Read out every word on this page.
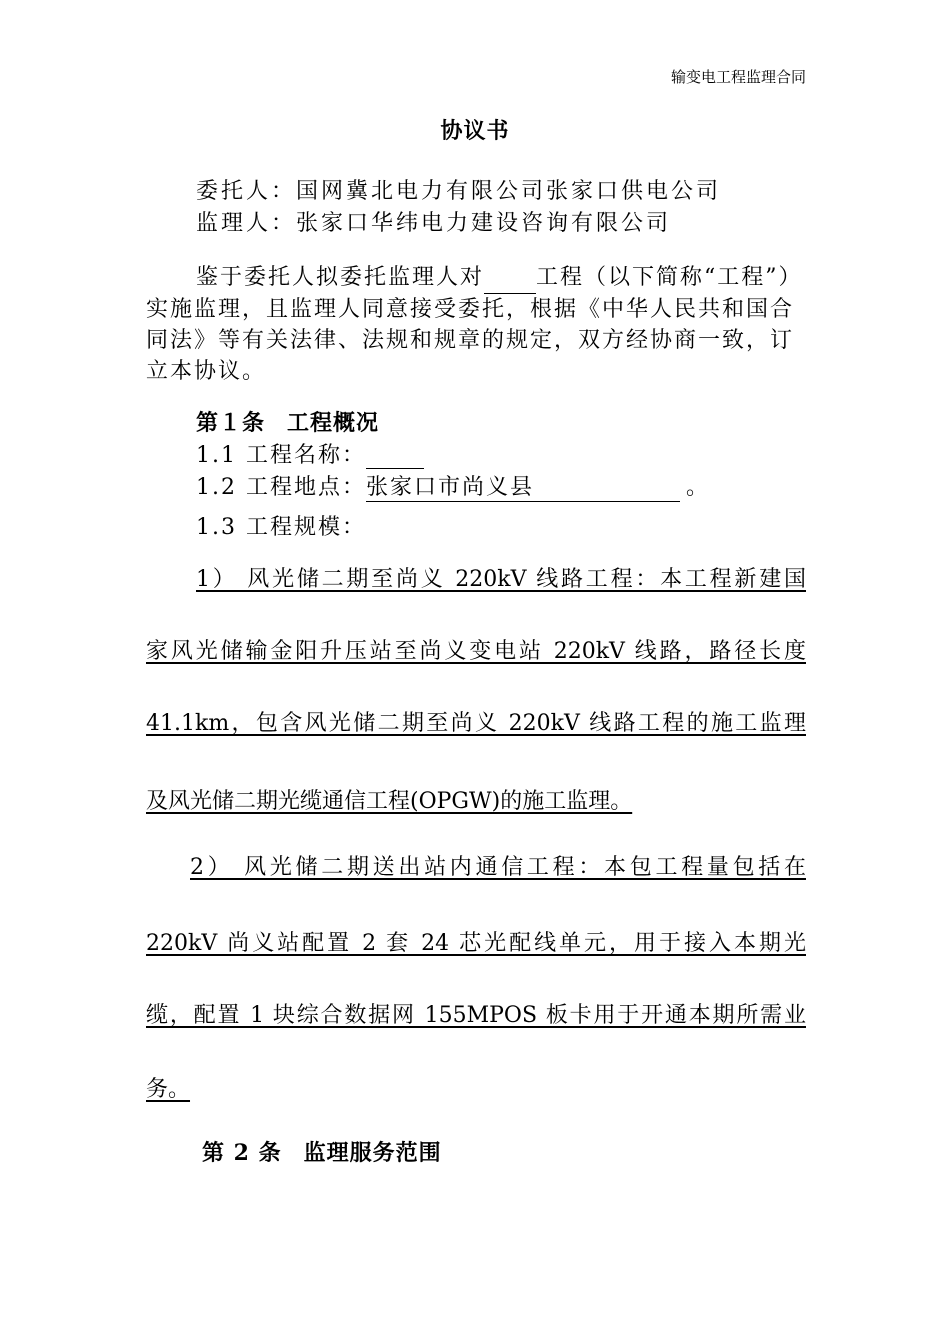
输变电工程监理合同
协议书
委托人：国网冀北电力有限公司张家口供电公司
监理人：张家口华纬电力建设咨询有限公司
鉴于委托人拟委托监理人对 工程（以下简称“工程”）实施监理，且监理人同意接受委托，根据《中华人民共和国合同法》等有关法律、法规和规章的规定，双方经协商一致，订立本协议。
第１条 工程概况
1.1 工程名称：
1.2 工程地点：张家口市尚义县	。
1.3 工程规模：
1） 风光储二期至尚义 220kV 线路工程：本工程新建国
家风光储输金阳升压站至尚义变电站 220kV 线路，路径长度
41.1km，包含风光储二期至尚义 220kV 线路工程的施工监理
及风光储二期光缆通信工程(OPGW)的施工监理。
2） 风光储二期送出站内通信工程：本包工程量包括在
220kV 尚义站配置 2 套 24 芯光配线单元，用于接入本期光
缆，配置 1 块综合数据网 155MPOS 板卡用于开通本期所需业
务。
第 2 条 监理服务范围
